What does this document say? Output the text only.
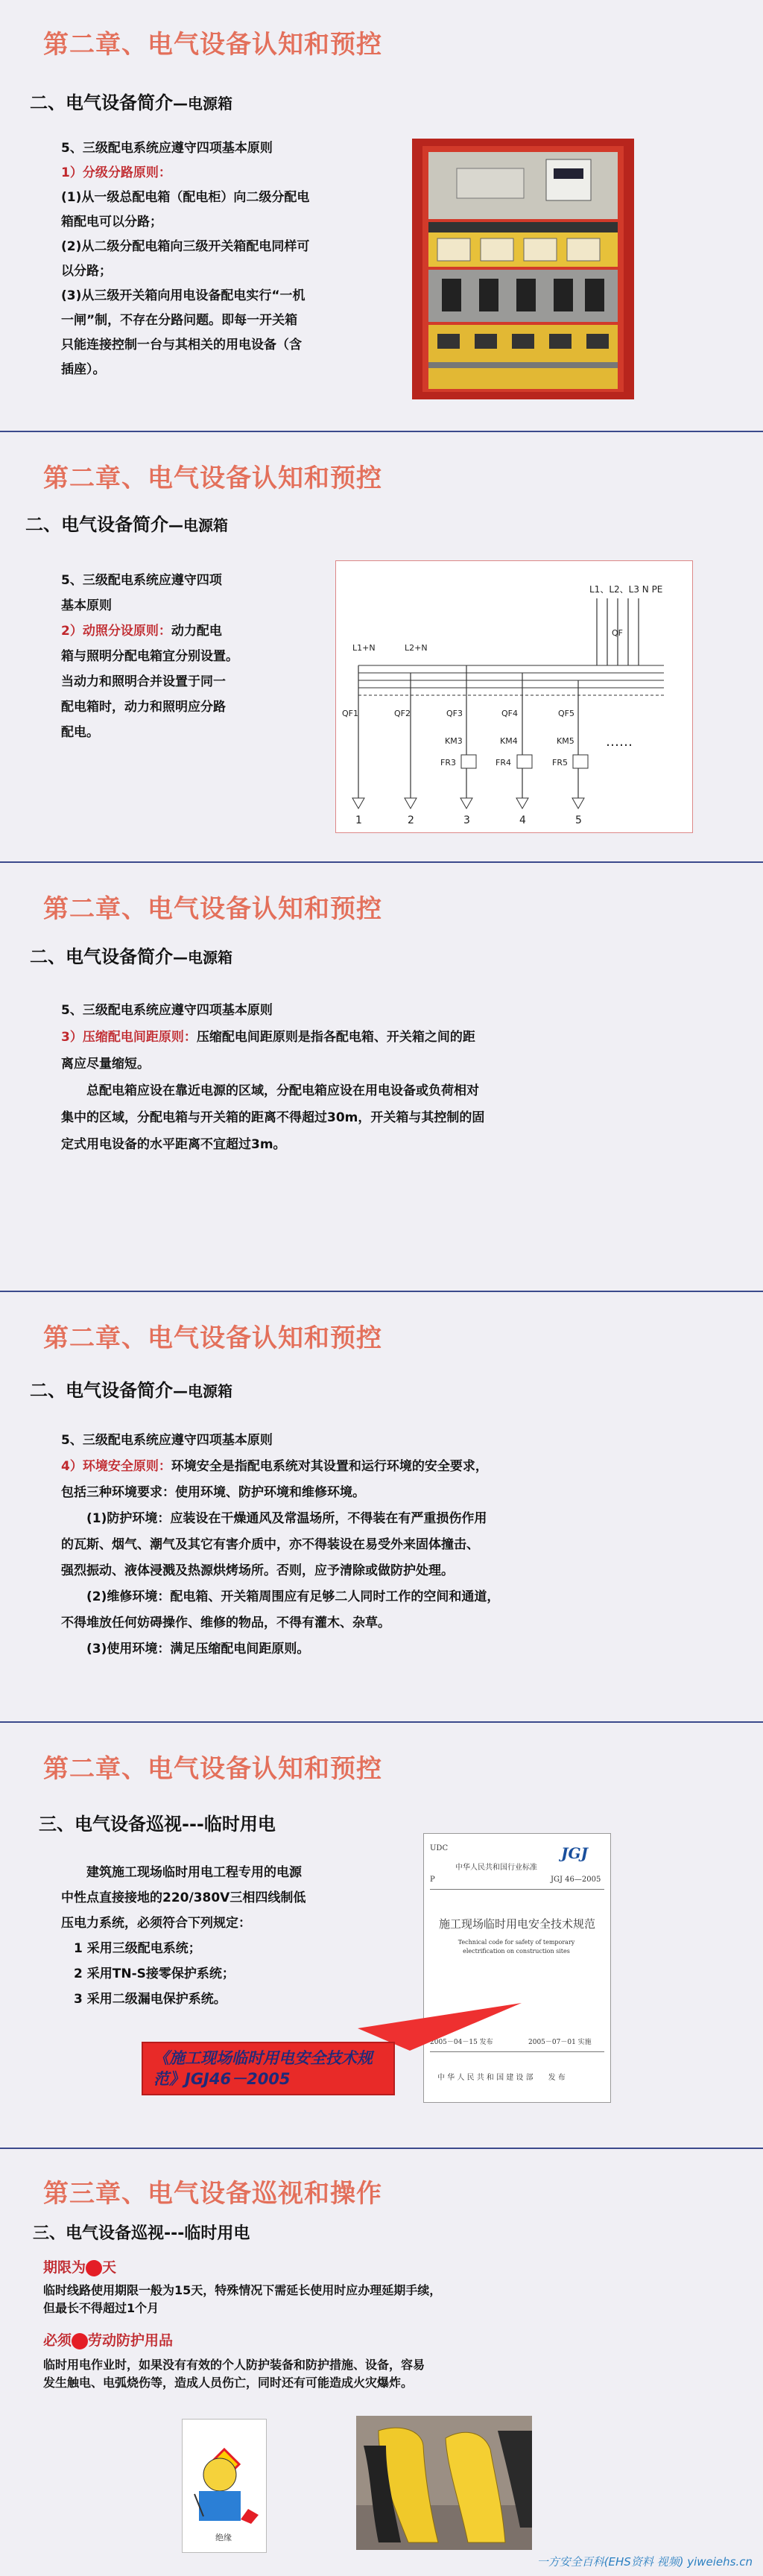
第二章、电气设备认知和预控
二、电气设备简介—电源箱
5、三级配电系统应遵守四项基本原则
1）分级分路原则：
(1)从一级总配电箱（配电柜）向二级分配电
箱配电可以分路；
(2)从二级分配电箱向三级开关箱配电同样可
以分路；
(3)从三级开关箱向用电设备配电实行“一机
一闸”制，不存在分路问题。即每一开关箱
只能连接控制一台与其相关的用电设备（含
插座）。
第二章、电气设备认知和预控
二、电气设备简介—电源箱
5、三级配电系统应遵守四项
基本原则
2）动照分设原则：动力配电
箱与照明分配电箱宜分别设置。
当动力和照明合并设置于同一
配电箱时，动力和照明应分路
配电。
L1、L2、L3 N PE
QF
L1+N	L2+N
QF1	QF2	QF3	QF4	QF5
KM3	KM4	KM5
FR3	FR4	FR5
1	2	3	4	5
……
第二章、电气设备认知和预控
二、电气设备简介—电源箱
5、三级配电系统应遵守四项基本原则
3）压缩配电间距原则：压缩配电间距原则是指各配电箱、开关箱之间的距
离应尽量缩短。
　　总配电箱应设在靠近电源的区域，分配电箱应设在用电设备或负荷相对
集中的区域，分配电箱与开关箱的距离不得超过30m，开关箱与其控制的固
定式用电设备的水平距离不宜超过3m。
第二章、电气设备认知和预控
二、电气设备简介—电源箱
5、三级配电系统应遵守四项基本原则
4）环境安全原则：环境安全是指配电系统对其设置和运行环境的安全要求，
包括三种环境要求：使用环境、防护环境和维修环境。
　　(1)防护环境：应装设在干燥通风及常温场所，不得装在有严重损伤作用
的瓦斯、烟气、潮气及其它有害介质中，亦不得装设在易受外来固体撞击、
强烈振动、液体浸溅及热源烘烤场所。否则，应予清除或做防护处理。
　　(2)维修环境：配电箱、开关箱周围应有足够二人同时工作的空间和通道，
不得堆放任何妨碍操作、维修的物品，不得有灌木、杂草。
　　(3)使用环境：满足压缩配电间距原则。
第二章、电气设备认知和预控
三、电气设备巡视---临时用电
　　建筑施工现场临时用电工程专用的电源
中性点直接接地的220/380V三相四线制低
压电力系统，必须符合下列规定：
　1 采用三级配电系统；
　2 采用TN-S接零保护系统；
　3 采用二级漏电保护系统。
UDC
中华人民共和国行业标准
JGJ
P	JGJ 46—2005
施工现场临时用电安全技术规范
Technical code for safety of temporary electrification on construction sites
2005－04－15 发布	2005－07－01 实施
中 华 人 民 共 和 国 建 设 部　　发 布
《施工现场临时用电安全技术规范》JGJ46－2005
第三章、电气设备巡视和操作
三、电气设备巡视---临时用电
期限为 天
临时线路使用期限一般为15天，特殊情况下需延长使用时应办理延期手续，
但最长不得超过1个月
必须 劳动防护用品
临时用电作业时，如果没有有效的个人防护装备和防护措施、设备，容易
发生触电、电弧烧伤等，造成人员伤亡，同时还有可能造成火灾爆炸。
绝缘
一方安全百科(EHS资料 视频) yiweiehs.cn
